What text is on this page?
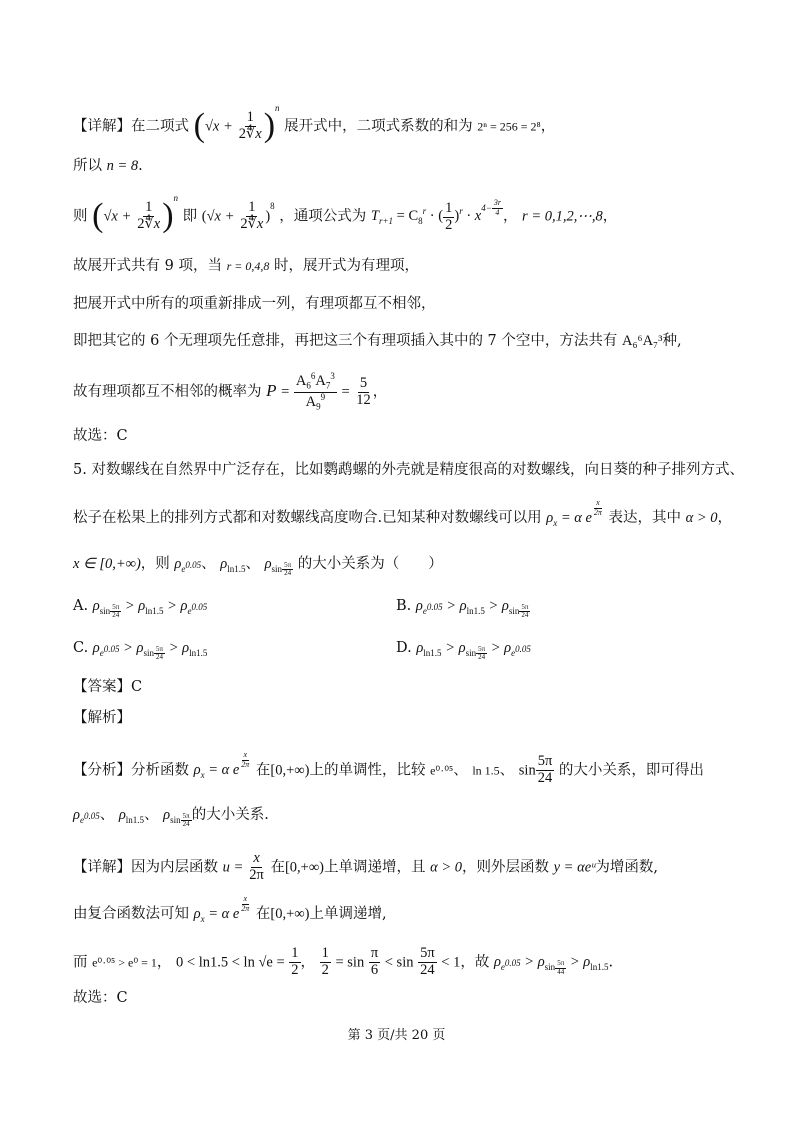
【详解】在二项式 $(√x + \frac{1}{2∜x} )^n$ 展开式中，二项式系数的和为 2ⁿ = 256 = 2⁸，
所以 n = 8.
则 $(√x + \frac{1}{2∜x} )^n$ 即 $(√x + \frac{1}{2∜x} )^8$ ，通项公式为 $T_{r+1} = C_8^r$ · ( $\frac{1}{2} )^r \cdot x^{4- \frac{3r}{4}}$ ， r = 0,1,2,⋯,8，
故展开式共有 9 项，当 r = 0,4,8 时，展开式为有理项，
把展开式中所有的项重新排成一列，有理项都互不相邻，
即把其它的 6 个无理项先任意排，再把这三个有理项插入其中的 7 个空中，方法共有 A₆⁶A₇³种,
故有理项都互不相邻的概率为 $P = \frac{A_6^6A_7^3}{A_9^9} = \frac{5}{12}$ ，
故选：C
5. 对数螺线在自然界中广泛存在，比如鹦鹉螺的外壳就是精度很高的对数螺线，向日葵的种子排列方式、
松子在松果上的排列方式都和对数螺线高度吻合.已知某种对数螺线可以用 $\rho_x = \alpha$ e
$^{\frac{x}{2\pi}}$
表达，其中 α > 0，
x ∈ [0,+∞)，则 $\rho_{e^{0.05}}$、 $\rho_{ln1.5}$、 $\rho_{sin \frac{5\pi}{24}}$ 的大小关系为（　　）
A. $\rho_{sin \frac{5\pi}{24}} > \rho_{ln1.5} > \rho_{e^{0.05}}$	B. $\rho_{e^{0.05}} > \rho_{ln1.5} > \rho_{sin \frac{5\pi}{24}}$
C. $\rho_{e^{0.05}} > \rho_{sin \frac{5\pi}{24}} > \rho_{ln1.5}$	D. $\rho_{ln1.5} > \rho_{sin \frac{5\pi}{24}} > \rho_{e^{0.05}}$
【答案】C
【解析】
【分析】分析函数 $\rho_x = \alpha$ e
$^{\frac{x}{2\pi}}$
在[0,+∞)上的单调性，比较 e⁰·⁰⁵、 ln 1.5、 $\sin \frac{5\pi}{24}$ 的大小关系，即可得出
$\rho_{e^{0.05}}$、 $\rho_{ln1.5}$、 $\rho_{sin \frac{5\pi}{24}}$ 的大小关系.
【详解】因为内层函数 $u = \frac{x}{2\pi}$ 在[0,+∞)上单调递增，且 α > 0，则外层函数 y = αeᵘ为增函数,
由复合函数法可知 $\rho_x = \alpha$ e
$^{\frac{x}{2\pi}}$
在[0,+∞)上单调递增,
而 e⁰·⁰⁵ > e⁰ = 1， $0 < \ln 1.5 < \ln √e = \frac{1}{2}$ ， $\frac{1}{2} = \sin \frac{\pi}{6} < \sin \frac{5\pi}{24} < 1$，故 $\rho_{e^{0.05}} > \rho_{sin \frac{5\pi}{44}} > \rho_{ln1.5}$.
故选：C
第 3 页/共 20 页
